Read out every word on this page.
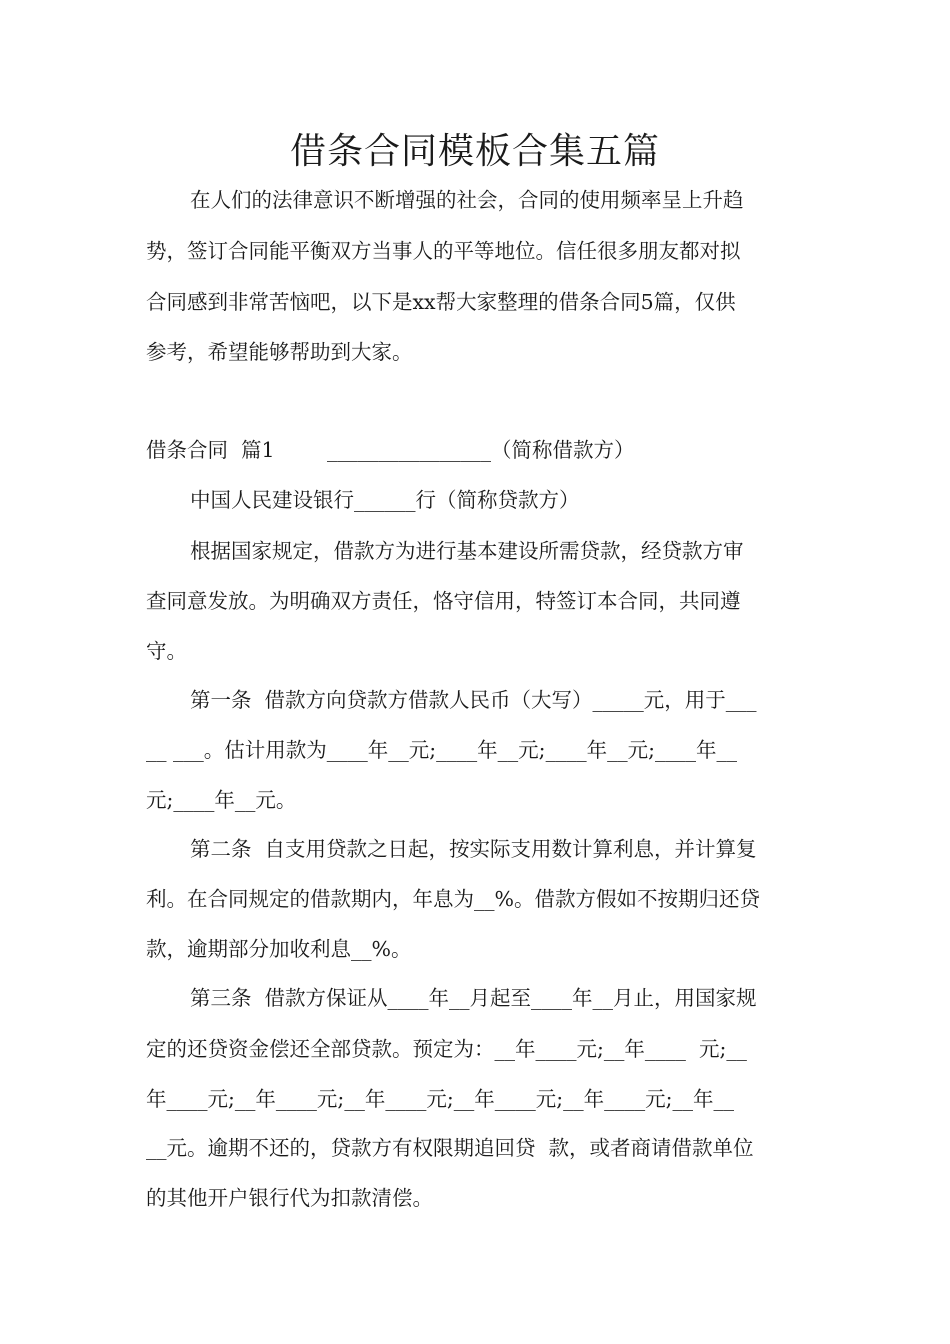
借条合同模板合集五篇
在人们的法律意识不断增强的社会，合同的使用频率呈上升趋
势，签订合同能平衡双方当事人的平等地位。信任很多朋友都对拟
合同感到非常苦恼吧，以下是xx帮大家整理的借条合同5篇，仅供
参考，希望能够帮助到大家。

借条合同  篇1

	________________（简称借款方）

中国人民建设银行______行（简称贷款方）
根据国家规定，借款方为进行基本建设所需贷款，经贷款方审
查同意发放。为明确双方责任，恪守信用，特签订本合同，共同遵
守。
第一条  借款方向贷款方借款人民币（大写）_____元，用于___
__ ___。估计用款为____年__元;____年__元;____年__元;____年__
元;____年__元。
第二条  自支用贷款之日起，按实际支用数计算利息，并计算复
利。在合同规定的借款期内，年息为__%。借款方假如不按期归还贷
款，逾期部分加收利息__%。
第三条  借款方保证从____年__月起至____年__月止，用国家规
定的还贷资金偿还全部贷款。预定为：__年____元;__年____  元;__
年____元;__年____元;__年____元;__年____元;__年____元;__年__
__元。逾期不还的，贷款方有权限期追回贷  款，或者商请借款单位
的其他开户银行代为扣款清偿。
